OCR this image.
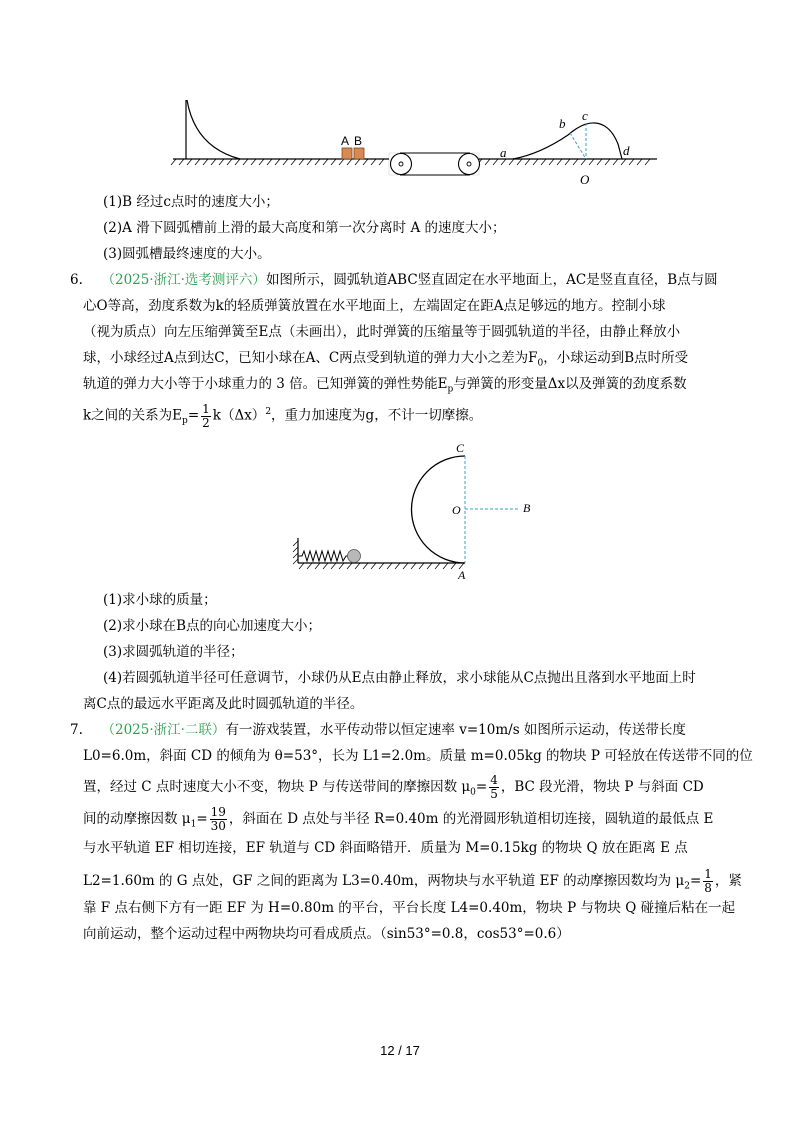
A B
a
b
c
d
O
(1)B 经过c点时的速度大小；
(2)A 滑下圆弧槽前上滑的最大高度和第一次分离时 A 的速度大小；
(3)圆弧槽最终速度的大小。
6. （2025·浙江·选考测评六）如图所示，圆弧轨道ABC竖直固定在水平地面上，AC是竖直直径，B点与圆
心O等高，劲度系数为k的轻质弹簧放置在水平地面上，左端固定在距A点足够远的地方。控制小球
（视为质点）向左压缩弹簧至E点（未画出），此时弹簧的压缩量等于圆弧轨道的半径，由静止释放小
球，小球经过A点到达C，已知小球在A、C两点受到轨道的弹力大小之差为$F_0$，小球运动到B点时所受
轨道的弹力大小等于小球重力的 3 倍。已知弹簧的弹性势能$E_p$与弹簧的形变量Δx以及弹簧的劲度系数
k之间的关系为$E_p= \frac{1}{2} k(\Delta x)^2$，重力加速度为g，不计一切摩擦。
C
O	B
A
(1)求小球的质量；
(2)求小球在B点的向心加速度大小；
(3)求圆弧轨道的半径；
(4)若圆弧轨道半径可任意调节，小球仍从E点由静止释放，求小球能从C点抛出且落到水平地面上时
离C点的最远水平距离及此时圆弧轨道的半径。
7. （2025·浙江·二联）有一游戏装置，水平传动带以恒定速率 v=10m/s 如图所示运动，传送带长度
L0=6.0m，斜面 CD 的倾角为 θ=53°，长为 L1=2.0m。质量 m=0.05kg 的物块 P 可轻放在传送带不同的位
置，经过 C 点时速度大小不变，物块 P 与传送带间的摩擦因数 $\mu_0= \frac{4}{5}$ ，BC 段光滑，物块 P 与斜面 CD
间的动摩擦因数 $\mu_1= \frac{19}{30}$ ，斜面在 D 点处与半径 R=0.40m 的光滑圆形轨道相切连接，圆轨道的最低点 E
与水平轨道 EF 相切连接，EF 轨道与 CD 斜面略错开．质量为 M=0.15kg 的物块 Q 放在距离 E 点
L2=1.60m 的 G 点处，GF 之间的距离为 L3=0.40m，两物块与水平轨道 EF 的动摩擦因数均为 $\mu_2= \frac{1}{8}$ ，紧
靠 F 点右侧下方有一距 EF 为 H=0.80m 的平台，平台长度 L4=0.40m，物块 P 与物块 Q 碰撞后粘在一起
向前运动，整个运动过程中两物块均可看成质点。（sin53°=0.8，cos53°=0.6）
12 / 17
